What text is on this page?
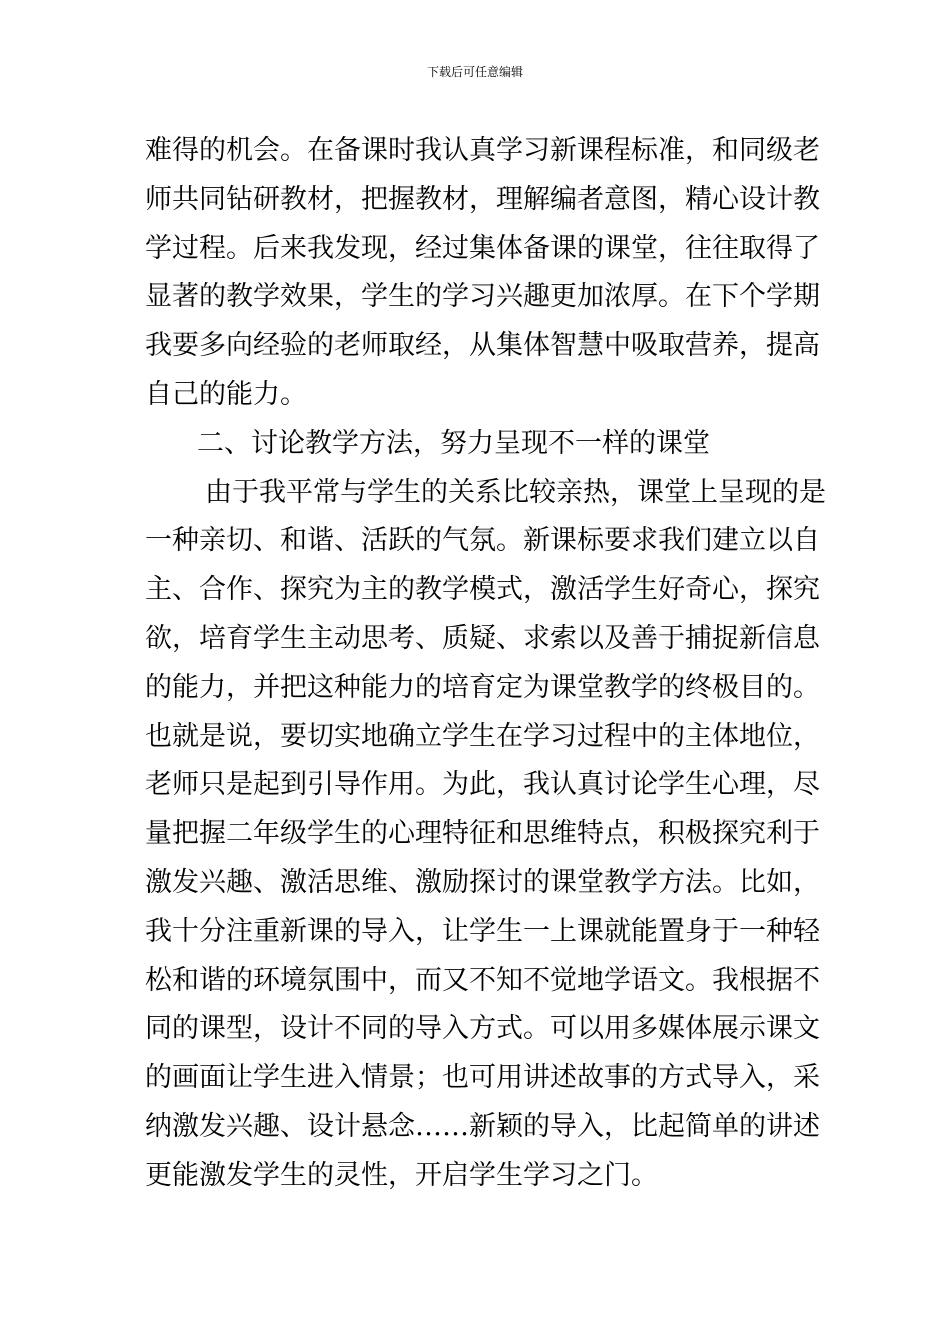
下载后可任意编辑
难得的机会。在备课时我认真学习新课程标准，和同级老
师共同钻研教材，把握教材，理解编者意图，精心设计教
学过程。后来我发现，经过集体备课的课堂，往往取得了
显著的教学效果，学生的学习兴趣更加浓厚。在下个学期
我要多向经验的老师取经，从集体智慧中吸取营养，提高
自己的能力。
二、讨论教学方法，努力呈现不一样的课堂
由于我平常与学生的关系比较亲热，课堂上呈现的是
一种亲切、和谐、活跃的气氛。新课标要求我们建立以自
主、合作、探究为主的教学模式，激活学生好奇心，探究
欲，培育学生主动思考、质疑、求索以及善于捕捉新信息
的能力，并把这种能力的培育定为课堂教学的终极目的。
也就是说，要切实地确立学生在学习过程中的主体地位，
老师只是起到引导作用。为此，我认真讨论学生心理，尽
量把握二年级学生的心理特征和思维特点，积极探究利于
激发兴趣、激活思维、激励探讨的课堂教学方法。比如，
我十分注重新课的导入，让学生一上课就能置身于一种轻
松和谐的环境氛围中，而又不知不觉地学语文。我根据不
同的课型，设计不同的导入方式。可以用多媒体展示课文
的画面让学生进入情景；也可用讲述故事的方式导入，采
纳激发兴趣、设计悬念……新颖的导入，比起简单的讲述
更能激发学生的灵性，开启学生学习之门。
